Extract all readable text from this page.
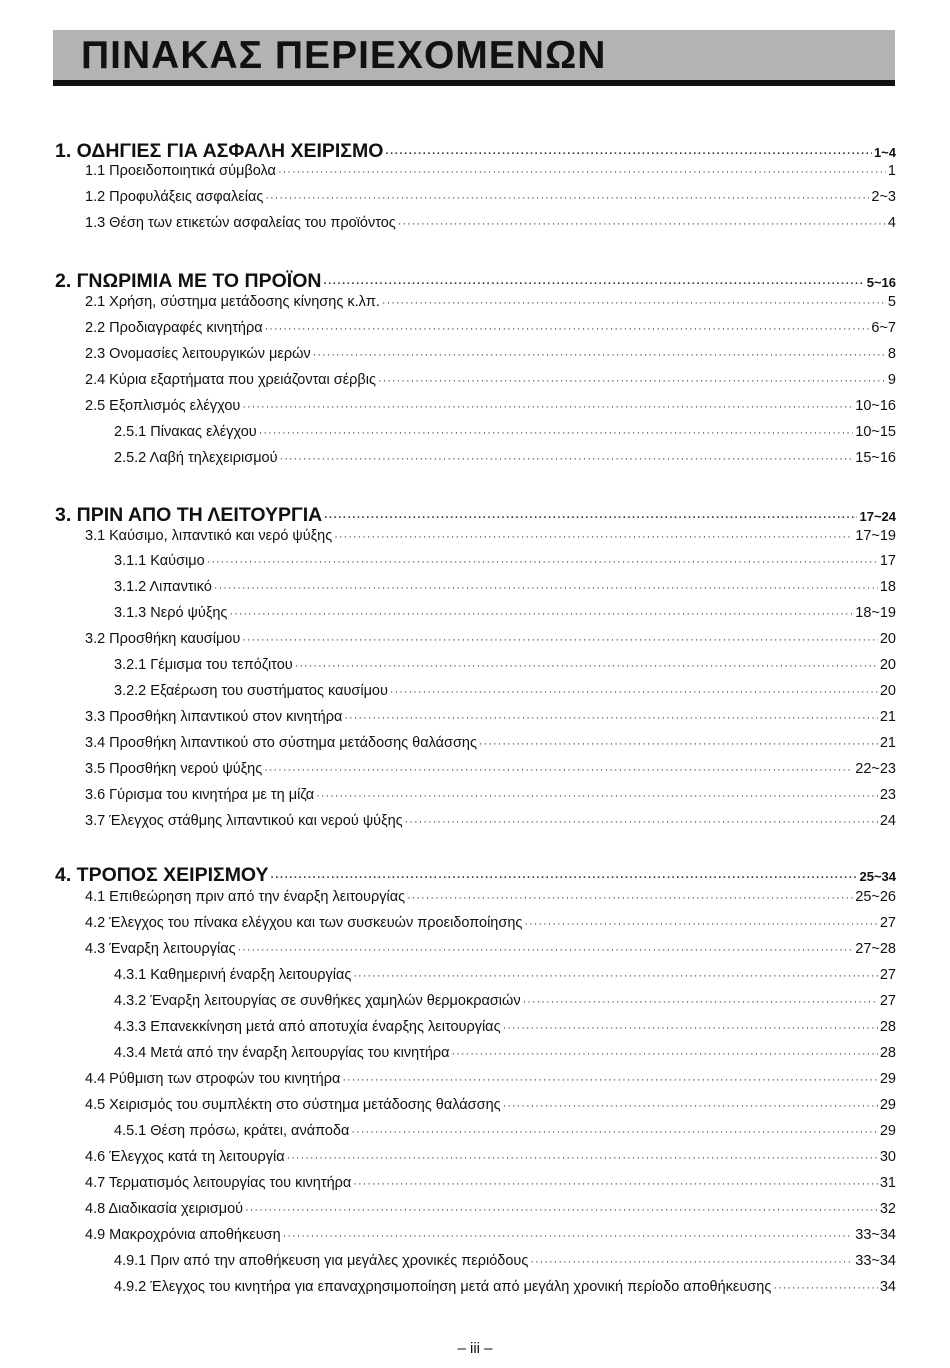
ΠΙΝΑΚΑΣ ΠΕΡΙΕΧΟΜΕΝΩΝ
1. ΟΔΗΓΙΕΣ ΓΙΑ ΑΣΦΑΛΗ ΧΕΙΡΙΣΜΟ ·····	1~4
1.1 Προειδοποιητικά σύμβολα ·····	1
1.2 Προφυλάξεις ασφαλείας ·····	2~3
1.3 Θέση των ετικετών ασφαλείας του προϊόντος ·····	4
2. ΓΝΩΡΙΜΙΑ ΜΕ ΤΟ ΠΡΟΪΟΝ ·····	5~16
2.1 Χρήση, σύστημα μετάδοσης κίνησης κ.λπ. ·····	5
2.2 Προδιαγραφές κινητήρα ·····	6~7
2.3 Ονομασίες λειτουργικών μερών ·····	8
2.4 Κύρια εξαρτήματα που χρειάζονται σέρβις ·····	9
2.5 Εξοπλισμός ελέγχου ·····	10~16
2.5.1 Πίνακας ελέγχου ·····	10~15
2.5.2 Λαβή τηλεχειρισμού ·····	15~16
3. ΠΡΙΝ ΑΠΟ ΤΗ ΛΕΙΤΟΥΡΓΙΑ ·····	17~24
3.1 Καύσιμο, λιπαντικό και νερό ψύξης ·····	17~19
3.1.1 Καύσιμο ·····	17
3.1.2 Λιπαντικό ·····	18
3.1.3 Νερό ψύξης ·····	18~19
3.2 Προσθήκη καυσίμου ·····	20
3.2.1 Γέμισμα του τεπόζιτου ·····	20
3.2.2 Εξαέρωση του συστήματος καυσίμου ·····	20
3.3 Προσθήκη λιπαντικού στον κινητήρα ·····	21
3.4 Προσθήκη λιπαντικού στο σύστημα μετάδοσης θαλάσσης ·····	21
3.5 Προσθήκη νερού ψύξης ·····	22~23
3.6 Γύρισμα του κινητήρα με τη μίζα ·····	23
3.7 Έλεγχος στάθμης λιπαντικού και νερού ψύξης ·····	24
4. ΤΡΟΠΟΣ ΧΕΙΡΙΣΜΟΥ ·····	25~34
4.1 Επιθεώρηση πριν από την έναρξη λειτουργίας ·····	25~26
4.2 Έλεγχος του πίνακα ελέγχου και των συσκευών προειδοποίησης ·····	27
4.3 Έναρξη λειτουργίας ·····	27~28
4.3.1 Καθημερινή έναρξη λειτουργίας ·····	27
4.3.2 Έναρξη λειτουργίας σε συνθήκες χαμηλών θερμοκρασιών ·····	27
4.3.3 Επανεκκίνηση μετά από αποτυχία έναρξης λειτουργίας ·····	28
4.3.4 Μετά από την έναρξη λειτουργίας του κινητήρα ·····	28
4.4 Ρύθμιση των στροφών του κινητήρα ·····	29
4.5 Χειρισμός του συμπλέκτη στο σύστημα μετάδοσης θαλάσσης ·····	29
4.5.1 Θέση πρόσω, κράτει, ανάποδα ·····	29
4.6 Έλεγχος κατά τη λειτουργία ·····	30
4.7 Τερματισμός λειτουργίας του κινητήρα ·····	31
4.8 Διαδικασία χειρισμού ·····	32
4.9 Μακροχρόνια αποθήκευση ·····	33~34
4.9.1 Πριν από την αποθήκευση για μεγάλες χρονικές περιόδους ·····	33~34
4.9.2 Έλεγχος του κινητήρα για επαναχρησιμοποίηση μετά από μεγάλη χρονική περίοδο αποθήκευσης ·····	34
– iii –
